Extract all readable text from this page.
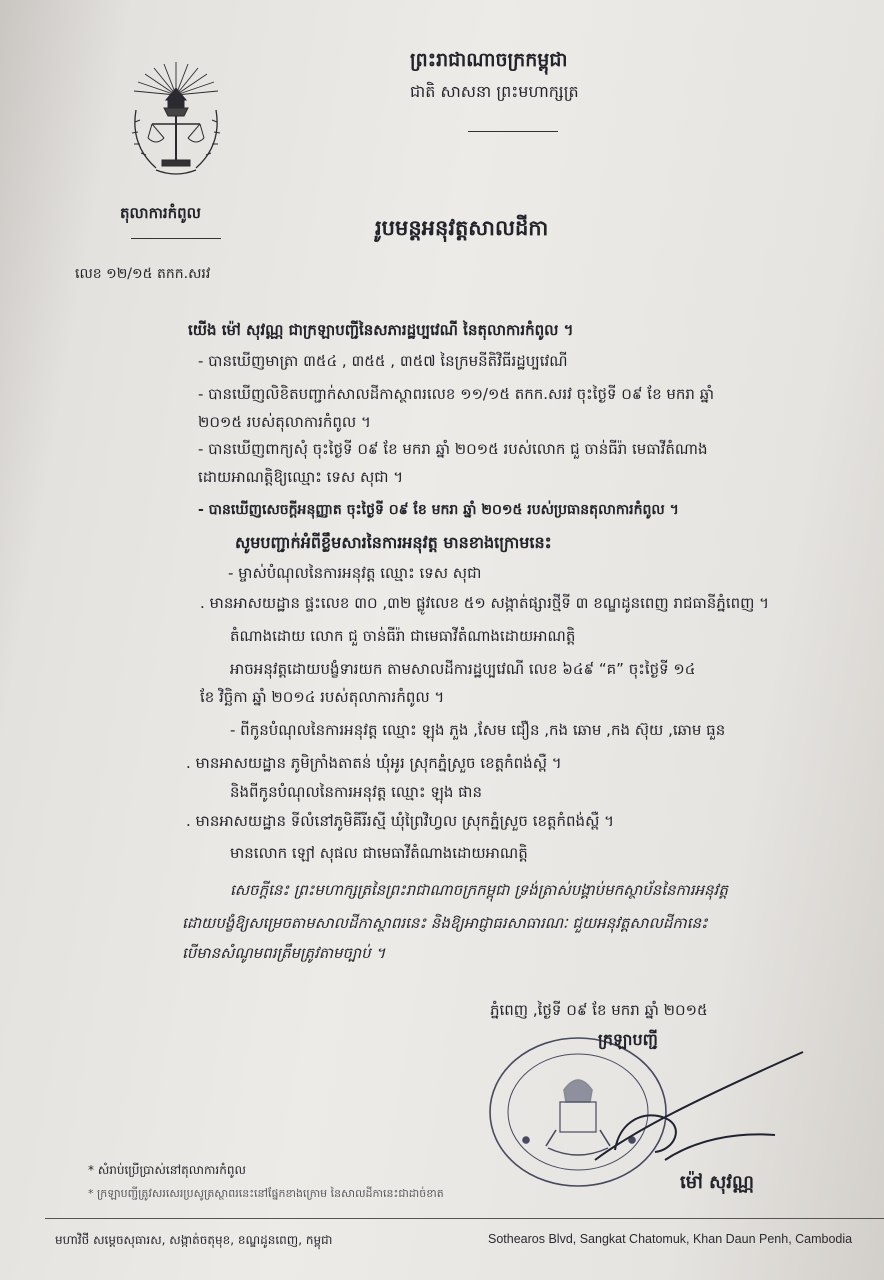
ព្រះរាជាណាចក្រកម្ពុជា
ជាតិ សាសនា ព្រះមហាក្សត្រ
តុលាការកំពូល
រូបមន្តអនុវត្តសាលដីកា
លេខ ១២/១៥ តកក.សរវ
យើង ម៉ៅ សុវណ្ណ ជាក្រឡាបញ្ជីនៃសភារដ្ឋប្បវេណី នៃតុលាការកំពូល ។
- បានឃើញមាត្រា ៣៥៤ , ៣៥៥ , ៣៥៧ នៃក្រមនីតិវិធីរដ្ឋប្បវេណី
- បានឃើញលិខិតបញ្ជាក់សាលដីកាស្ថាពរលេខ ១១/១៥ តកក.សរវ ចុះថ្ងៃទី ០៩ ខែ មករា ឆ្នាំ
២០១៥ របស់តុលាការកំពូល ។
- បានឃើញពាក្យសុំ ចុះថ្ងៃទី ០៩ ខែ មករា ឆ្នាំ ២០១៥ របស់លោក ជួ ចាន់ធីរ៉ា មេធាវីតំណាង
ដោយអាណត្តិឱ្យឈ្មោះ ទេស សុជា ។
- បានឃើញសេចក្តីអនុញ្ញាត ចុះថ្ងៃទី ០៩ ខែ មករា ឆ្នាំ ២០១៥ របស់ប្រធានតុលាការកំពូល ។
សូមបញ្ជាក់អំពីខ្លឹមសារនៃការអនុវត្ត មានខាងក្រោមនេះ
- ម្ចាស់បំណុលនៃការអនុវត្ត ឈ្មោះ ទេស សុជា
. មានអាសយដ្ឋាន ផ្ទះលេខ ៣០ ,៣២ ផ្លូវលេខ ៥១ សង្កាត់ផ្សារថ្មីទី ៣ ខណ្ឌដូនពេញ រាជធានីភ្នំពេញ ។
តំណាងដោយ លោក ជួ ចាន់ធីរ៉ា ជាមេធាវីតំណាងដោយអាណត្តិ
អាចអនុវត្តដោយបង្ខំទារយក តាមសាលដីការដ្ឋប្បវេណី លេខ ៦៤៩ “គ” ចុះថ្ងៃទី ១៤
ខែ វិច្ឆិកា ឆ្នាំ ២០១៤ របស់តុលាការកំពូល ។
- ពីកូនបំណុលនៃការអនុវត្ត ឈ្មោះ ឡុង ភួង ,សែម ជឿន ,កង ឆោម ,កង ស៊ុយ ,ឆោម ធួន
. មានអាសយដ្ឋាន ភូមិក្រាំងតាតន់ ឃុំអូរ ស្រុកភ្នំស្រួច ខេត្តកំពង់ស្ពឺ ។
និងពីកូនបំណុលនៃការអនុវត្ត ឈ្មោះ ឡុង ផាន
. មានអាសយដ្ឋាន ទីលំនៅភូមិគីរីរស្មី ឃុំព្រៃវិហ្វល ស្រុកភ្នំស្រួច ខេត្តកំពង់ស្ពឺ ។
មានលោក ឡៅ សុផល ជាមេធាវីតំណាងដោយអាណត្តិ
សេចក្តីនេះ ព្រះមហាក្សត្រនៃព្រះរាជាណាចក្រកម្ពុជា ទ្រង់ត្រាស់បង្គាប់មកស្ថាប័ននៃការអនុវត្ត
ដោយបង្ខំឱ្យសម្រេចតាមសាលដីកាស្ថាពរនេះ និងឱ្យអាជ្ញាធរសាធារណៈ ជួយអនុវត្តសាលដីកានេះ
បើមានសំណូមពរត្រឹមត្រូវតាមច្បាប់ ។
ភ្នំពេញ ,ថ្ងៃទី ០៩ ខែ មករា ឆ្នាំ ២០១៥
ក្រឡាបញ្ជី
ម៉ៅ សុវណ្ណ
* សំរាប់ប្រើប្រាស់នៅតុលាការកំពូល
* ក្រឡាបញ្ជីត្រូវសរសេរប្រសូត្រស្ថាពរនេះនៅផ្នែកខាងក្រោម នៃសាលដីកានេះជាដាច់ខាត
មហាវិថី សម្តេចសុធារស, សង្កាត់ចតុមុខ, ខណ្ឌដូនពេញ, កម្ពុជា	Sothearos Blvd, Sangkat Chatomuk, Khan Daun Penh, Cambodia
